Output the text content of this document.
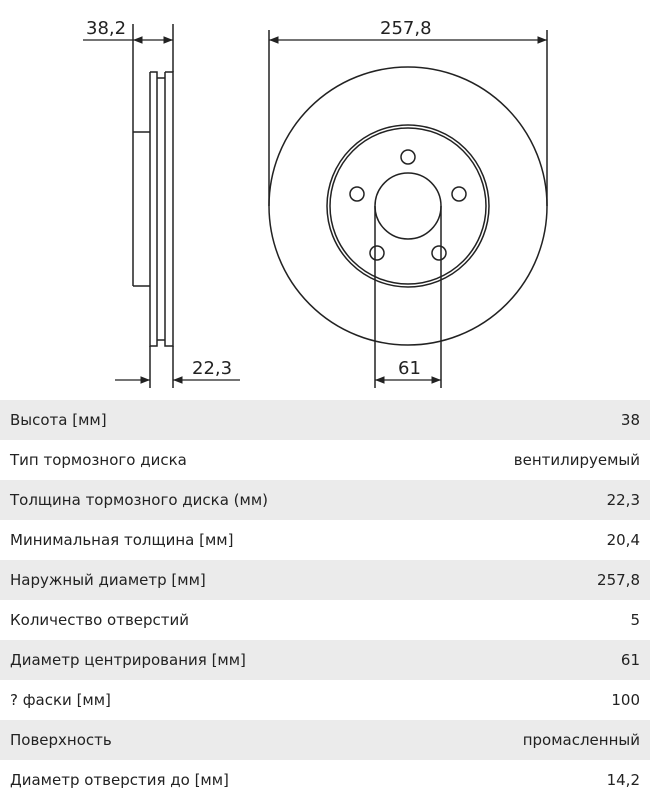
38,2
22,3
257,8
61
Высота [мм]	38
Тип тормозного диска	вентилируемый
Толщина тормозного диска (мм)	22,3
Минимальная толщина [мм]	20,4
Наружный диаметр [мм]	257,8
Количество отверстий	5
Диаметр центрирования [мм]	61
? фаски [мм]	100
Поверхность	промасленный
Диаметр отверстия до [мм]	14,2
